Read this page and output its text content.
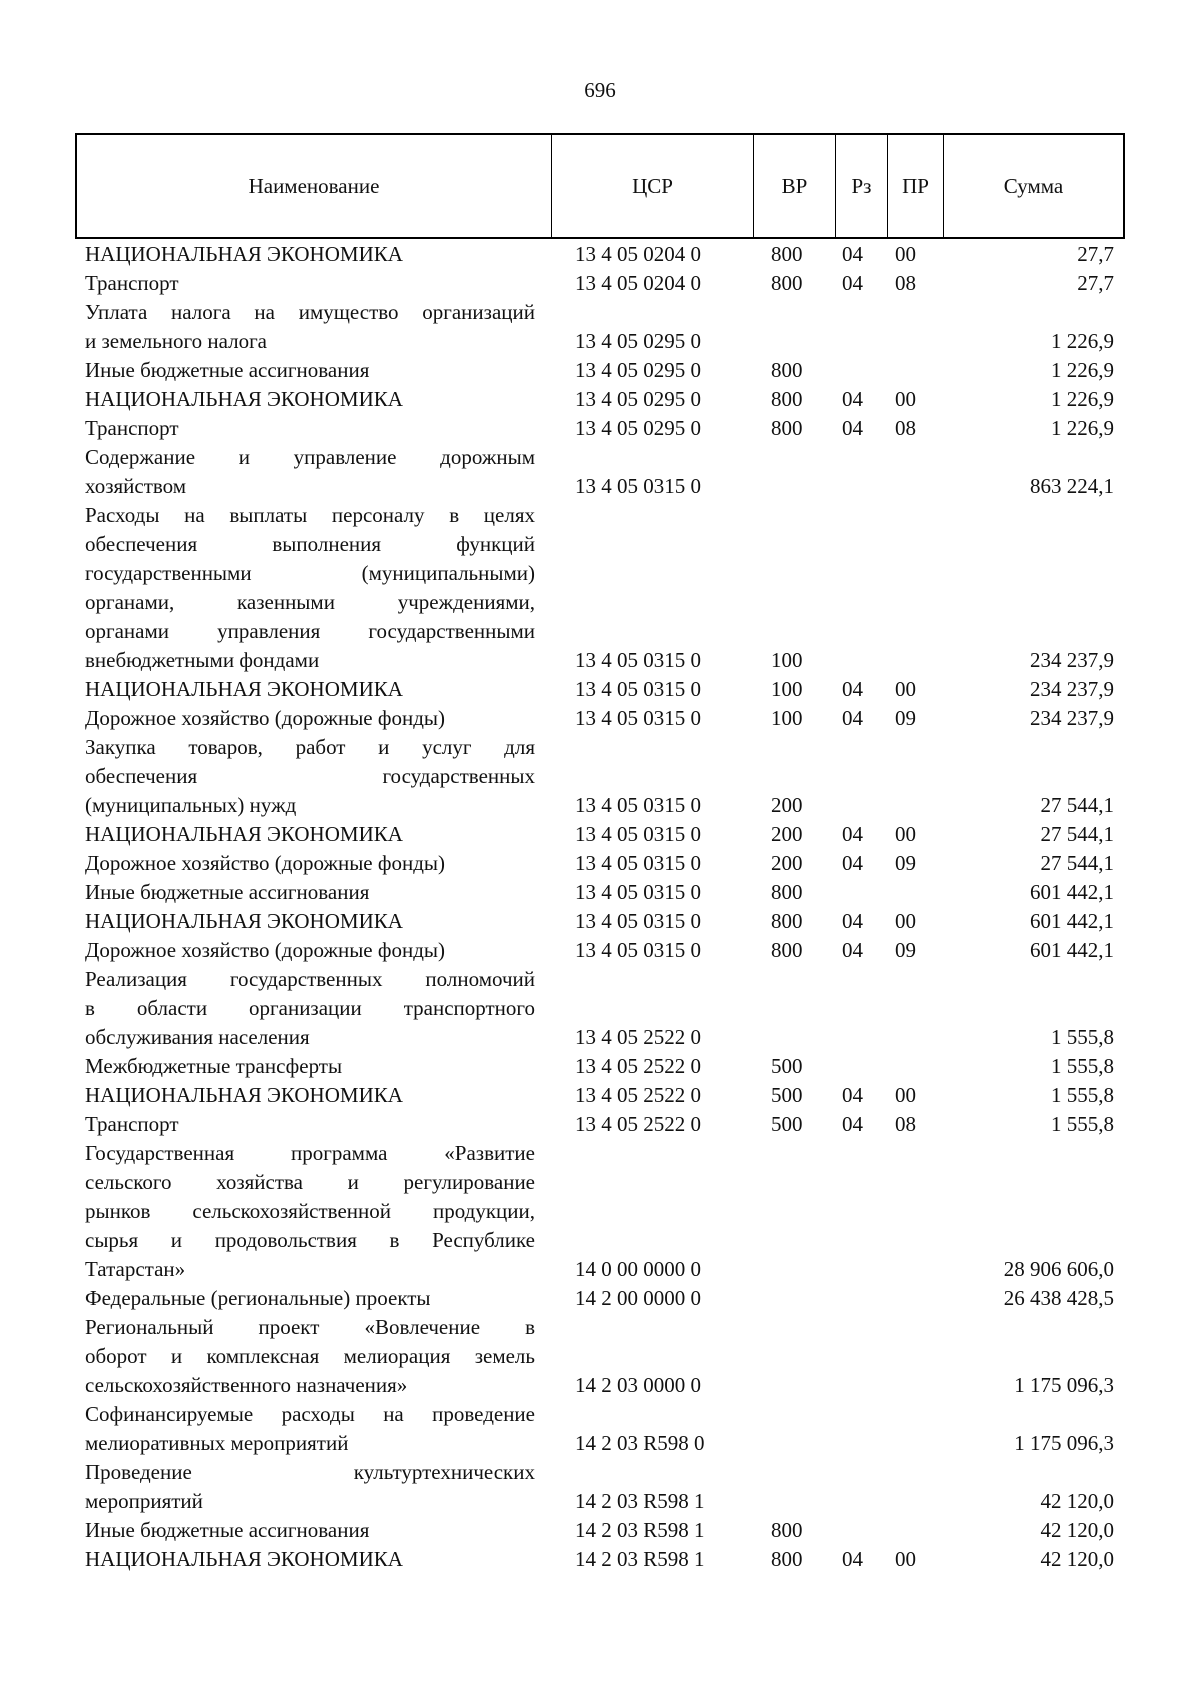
696
Наименование	ЦСР	ВР	Рз	ПР	Сумма
НАЦИОНАЛЬНАЯ ЭКОНОМИКА	13 4 05 0204 0	800 04 00	27,7
Транспорт	13 4 05 0204 0	800 04 08	27,7
Уплата налога на имущество организаций
и земельного налога	13 4 05 0295 0	1 226,9
Иные бюджетные ассигнования	13 4 05 0295 0	800	1 226,9
НАЦИОНАЛЬНАЯ ЭКОНОМИКА	13 4 05 0295 0	800 04 00	1 226,9
Транспорт	13 4 05 0295 0	800 04 08	1 226,9
Содержание и управление дорожным
хозяйством	13 4 05 0315 0	863 224,1
Расходы на выплаты персоналу в целях
обеспечения выполнения функций
государственными (муниципальными)
органами, казенными учреждениями,
органами управления государственными
внебюджетными фондами	13 4 05 0315 0	100	234 237,9
НАЦИОНАЛЬНАЯ ЭКОНОМИКА	13 4 05 0315 0	100 04 00	234 237,9
Дорожное хозяйство (дорожные фонды)	13 4 05 0315 0	100 04 09	234 237,9
Закупка товаров, работ и услуг для
обеспечения государственных
(муниципальных) нужд	13 4 05 0315 0	200	27 544,1
НАЦИОНАЛЬНАЯ ЭКОНОМИКА	13 4 05 0315 0	200 04 00	27 544,1
Дорожное хозяйство (дорожные фонды)	13 4 05 0315 0	200 04 09	27 544,1
Иные бюджетные ассигнования	13 4 05 0315 0	800	601 442,1
НАЦИОНАЛЬНАЯ ЭКОНОМИКА	13 4 05 0315 0	800 04 00	601 442,1
Дорожное хозяйство (дорожные фонды)	13 4 05 0315 0	800 04 09	601 442,1
Реализация государственных полномочий
в области организации транспортного
обслуживания населения	13 4 05 2522 0	1 555,8
Межбюджетные трансферты	13 4 05 2522 0	500	1 555,8
НАЦИОНАЛЬНАЯ ЭКОНОМИКА	13 4 05 2522 0	500 04 00	1 555,8
Транспорт	13 4 05 2522 0	500 04 08	1 555,8
Государственная программа «Развитие
сельского хозяйства и регулирование
рынков сельскохозяйственной продукции,
сырья и продовольствия в Республике
Татарстан»	14 0 00 0000 0	28 906 606,0
Федеральные (региональные) проекты	14 2 00 0000 0	26 438 428,5
Региональный проект «Вовлечение в
оборот и комплексная мелиорация земель
сельскохозяйственного назначения»	14 2 03 0000 0	1 175 096,3
Софинансируемые расходы на проведение
мелиоративных мероприятий	14 2 03 R598 0	1 175 096,3
Проведение культуртехнических
мероприятий	14 2 03 R598 1	42 120,0
Иные бюджетные ассигнования	14 2 03 R598 1	800	42 120,0
НАЦИОНАЛЬНАЯ ЭКОНОМИКА	14 2 03 R598 1	800 04 00	42 120,0
